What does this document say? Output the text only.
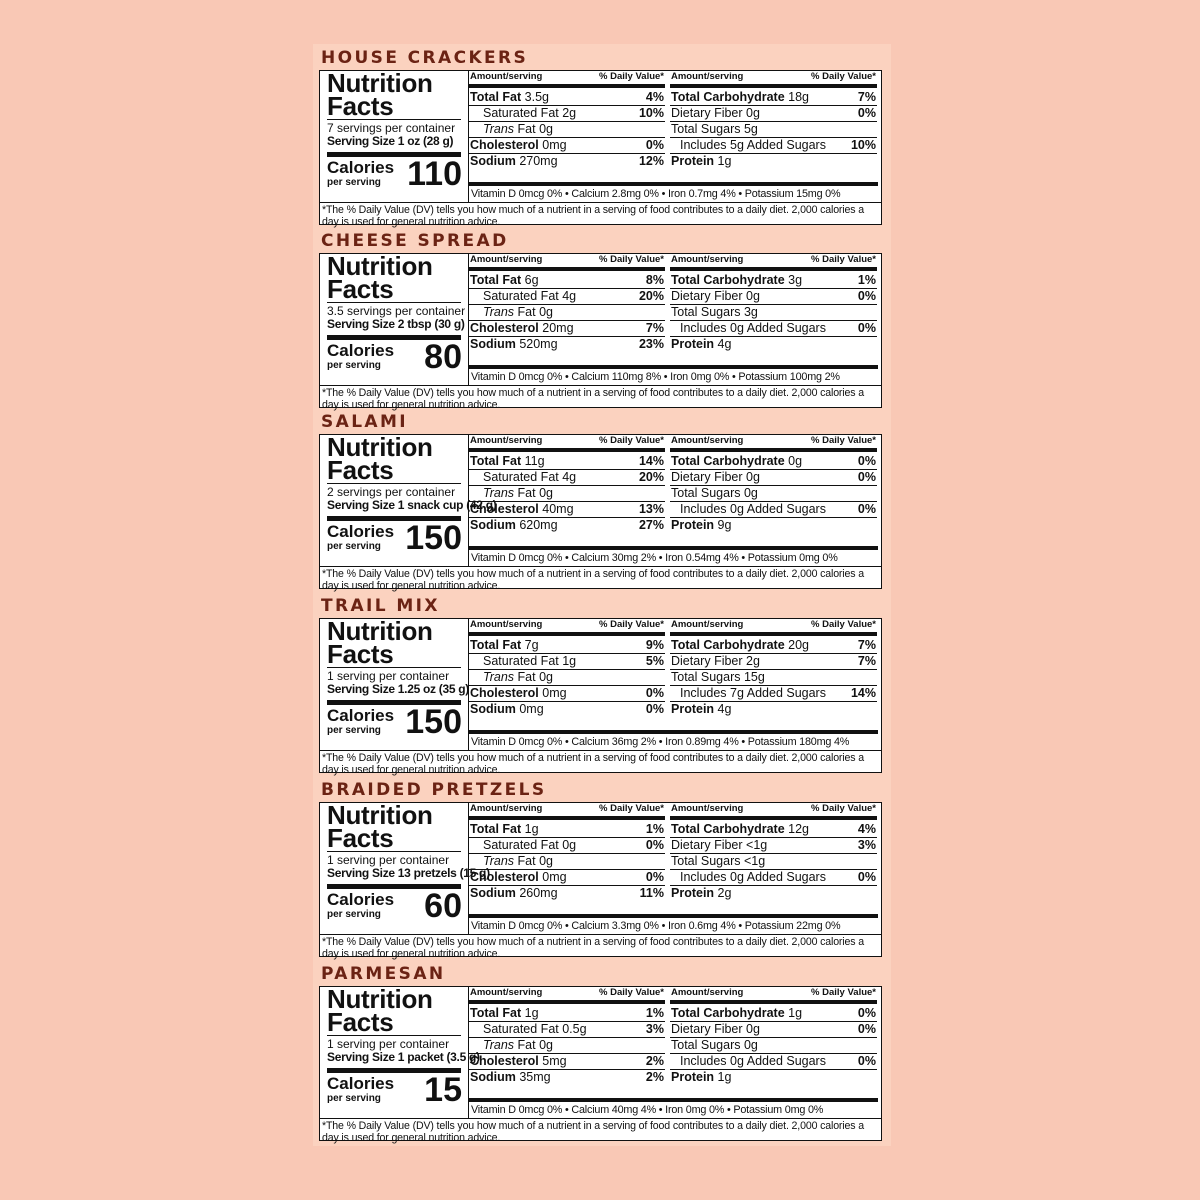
HOUSE CRACKERS
Nutrition
Facts
7 servings per container
Serving Size 1 oz (28 g)
Calories
per serving 110
Amount/serving	% Daily Value*
Total Fat 3.5g	4%
Saturated Fat 2g	10%
Trans Fat 0g
Cholesterol 0mg	0%
Sodium 270mg	12%
Amount/serving	% Daily Value*
Total Carbohydrate 18g	7%
Dietary Fiber 0g	0%
Total Sugars 5g
Includes 5g Added Sugars 10%
Protein 1g
Vitamin D 0mcg 0% • Calcium 2.8mg 0% • Iron 0.7mg 4% • Potassium 15mg 0%
*The % Daily Value (DV) tells you how much of a nutrient in a serving of food contributes to a daily diet. 2,000 calories a day is used for general nutrition advice.
CHEESE SPREAD
Nutrition
Facts
3.5 servings per container
Serving Size 2 tbsp (30 g)
Calories
per serving 80
Amount/serving	% Daily Value*
Total Fat 6g	8%
Saturated Fat 4g	20%
Trans Fat 0g
Cholesterol 20mg	7%
Sodium 520mg	23%
Amount/serving	% Daily Value*
Total Carbohydrate 3g	1%
Dietary Fiber 0g	0%
Total Sugars 3g
Includes 0g Added Sugars	0%
Protein 4g
Vitamin D 0mcg 0% • Calcium 110mg 8% • Iron 0mg 0% • Potassium 100mg 2%
*The % Daily Value (DV) tells you how much of a nutrient in a serving of food contributes to a daily diet. 2,000 calories a day is used for general nutrition advice.
SALAMI
Nutrition
Facts
2 servings per container
Serving Size 1 snack cup (42 g)
Calories
per serving 150
Amount/serving	% Daily Value*
Total Fat 11g	14%
Saturated Fat 4g	20%
Trans Fat 0g
Cholesterol 40mg	13%
Sodium 620mg	27%
Amount/serving	% Daily Value*
Total Carbohydrate 0g	0%
Dietary Fiber 0g	0%
Total Sugars 0g
Includes 0g Added Sugars	0%
Protein 9g
Vitamin D 0mcg 0% • Calcium 30mg 2% • Iron 0.54mg 4% • Potassium 0mg 0%
*The % Daily Value (DV) tells you how much of a nutrient in a serving of food contributes to a daily diet. 2,000 calories a day is used for general nutrition advice.
TRAIL MIX
Nutrition
Facts
1 serving per container
Serving Size 1.25 oz (35 g)
Calories
per serving 150
Amount/serving	% Daily Value*
Total Fat 7g	9%
Saturated Fat 1g	5%
Trans Fat 0g
Cholesterol 0mg	0%
Sodium 0mg	0%
Amount/serving	% Daily Value*
Total Carbohydrate 20g	7%
Dietary Fiber 2g	7%
Total Sugars 15g
Includes 7g Added Sugars 14%
Protein 4g
Vitamin D 0mcg 0% • Calcium 36mg 2% • Iron 0.89mg 4% • Potassium 180mg 4%
*The % Daily Value (DV) tells you how much of a nutrient in a serving of food contributes to a daily diet. 2,000 calories a day is used for general nutrition advice.
BRAIDED PRETZELS
Nutrition
Facts
1 serving per container
Serving Size 13 pretzels (15 g)
Calories
per serving 60
Amount/serving	% Daily Value*
Total Fat 1g	1%
Saturated Fat 0g	0%
Trans Fat 0g
Cholesterol 0mg	0%
Sodium 260mg	11%
Amount/serving	% Daily Value*
Total Carbohydrate 12g	4%
Dietary Fiber <1g	3%
Total Sugars <1g
Includes 0g Added Sugars	0%
Protein 2g
Vitamin D 0mcg 0% • Calcium 3.3mg 0% • Iron 0.6mg 4% • Potassium 22mg 0%
*The % Daily Value (DV) tells you how much of a nutrient in a serving of food contributes to a daily diet. 2,000 calories a day is used for general nutrition advice.
PARMESAN
Nutrition
Facts
1 serving per container
Serving Size 1 packet (3.5 g)
Calories
per serving 15
Amount/serving	% Daily Value*
Total Fat 1g	1%
Saturated Fat 0.5g	3%
Trans Fat 0g
Cholesterol 5mg	2%
Sodium 35mg	2%
Amount/serving	% Daily Value*
Total Carbohydrate 1g	0%
Dietary Fiber 0g	0%
Total Sugars 0g
Includes 0g Added Sugars	0%
Protein 1g
Vitamin D 0mcg 0% • Calcium 40mg 4% • Iron 0mg 0% • Potassium 0mg 0%
*The % Daily Value (DV) tells you how much of a nutrient in a serving of food contributes to a daily diet. 2,000 calories a day is used for general nutrition advice.
